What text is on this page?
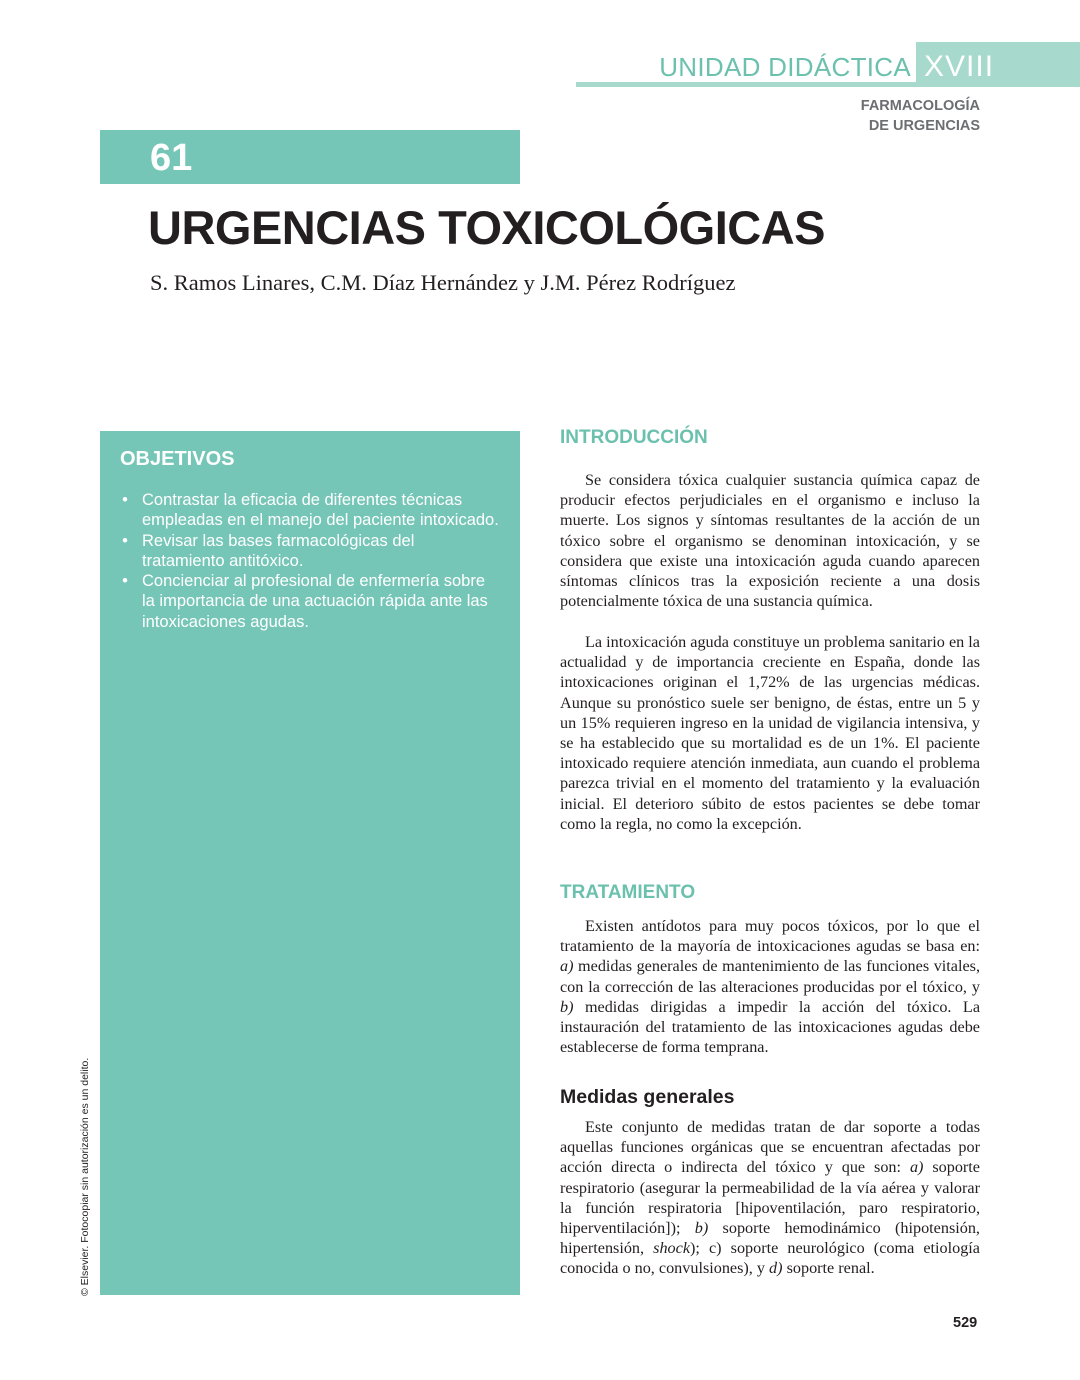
UNIDAD DIDÁCTICA XVIII
FARMACOLOGÍA
DE URGENCIAS
61
URGENCIAS TOXICOLÓGICAS
S. Ramos Linares, C.M. Díaz Hernández y J.M. Pérez Rodríguez
OBJETIVOS
• Contrastar la eficacia de diferentes técnicas empleadas en el manejo del paciente intoxicado.
• Revisar las bases farmacológicas del tratamiento antitóxico.
• Concienciar al profesional de enfermería sobre la importancia de una actuación rápida ante las intoxicaciones agudas.
INTRODUCCIÓN

Se considera tóxica cualquier sustancia química capaz de producir efectos perjudiciales en el organismo e incluso la muerte. Los signos y síntomas resultantes de la acción de un tóxico sobre el organismo se denominan intoxicación, y se considera que existe una intoxicación aguda cuando aparecen síntomas clínicos tras la exposición reciente a una dosis potencialmente tóxica de una sustancia química.

La intoxicación aguda constituye un problema sanitario en la actualidad y de importancia creciente en España, donde las intoxicaciones originan el 1,72% de las urgencias médicas. Aunque su pronóstico suele ser benigno, de éstas, entre un 5 y un 15% requieren ingreso en la unidad de vigilancia intensiva, y se ha establecido que su mortalidad es de un 1%. El paciente intoxicado requiere atención inmediata, aun cuando el problema parezca trivial en el momento del tratamiento y la evaluación inicial. El deterioro súbito de estos pacientes se debe tomar como la regla, no como la excepción.

TRATAMIENTO

Existen antídotos para muy pocos tóxicos, por lo que el tratamiento de la mayoría de intoxicaciones agudas se basa en: a) medidas generales de mantenimiento de las funciones vitales, con la corrección de las alteraciones producidas por el tóxico, y b) medidas dirigidas a impedir la acción del tóxico. La instauración del tratamiento de las intoxicaciones agudas debe establecerse de forma temprana.

Medidas generales

Este conjunto de medidas tratan de dar soporte a todas aquellas funciones orgánicas que se encuentran afectadas por acción directa o indirecta del tóxico y que son: a) soporte respiratorio (asegurar la permeabilidad de la vía aérea y valorar la función respiratoria [hipoventilación, paro respiratorio, hiperventilación]); b) soporte hemodinámico (hipotensión, hipertensión, shock); c) soporte neurológico (coma etiología conocida o no, convulsiones), y d) soporte renal.

529
© Elsevier. Fotocopiar sin autorización es un delito.
